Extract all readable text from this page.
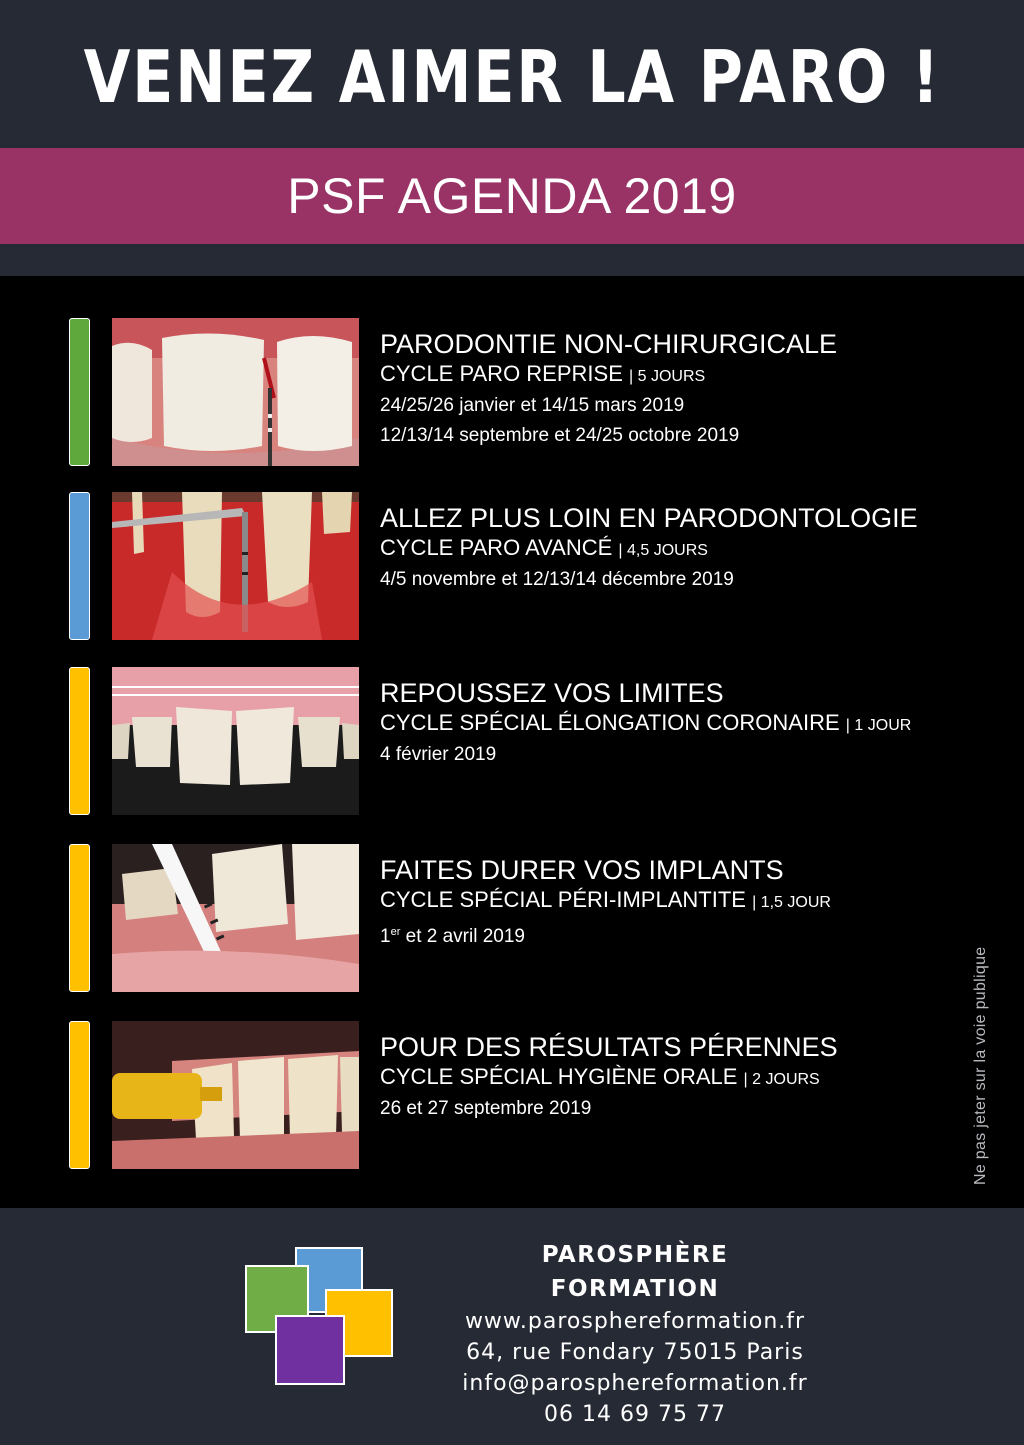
VENEZ AIMER LA PARO !
PSF AGENDA 2019
PARODONTIE NON-CHIRURGICALE
CYCLE PARO REPRISE | 5 JOURS
24/25/26 janvier et 14/15 mars 2019
12/13/14 septembre et 24/25 octobre 2019
ALLEZ PLUS LOIN EN PARODONTOLOGIE
CYCLE PARO AVANCÉ | 4,5 JOURS
4/5 novembre et 12/13/14 décembre 2019
REPOUSSEZ VOS LIMITES
CYCLE SPÉCIAL ÉLONGATION CORONAIRE | 1 JOUR
4 février 2019
FAITES DURER VOS IMPLANTS
CYCLE SPÉCIAL PÉRI-IMPLANTITE | 1,5 JOUR
1er et 2 avril 2019
POUR DES RÉSULTATS PÉRENNES
CYCLE SPÉCIAL HYGIÈNE ORALE | 2 JOURS
26 et 27 septembre 2019	Ne pas jeter sur la voie publique
PAROSPHÈRE FORMATION
www.parosphereformation.fr
64, rue Fondary 75015 Paris
info@parosphereformation.fr
06 14 69 75 77
